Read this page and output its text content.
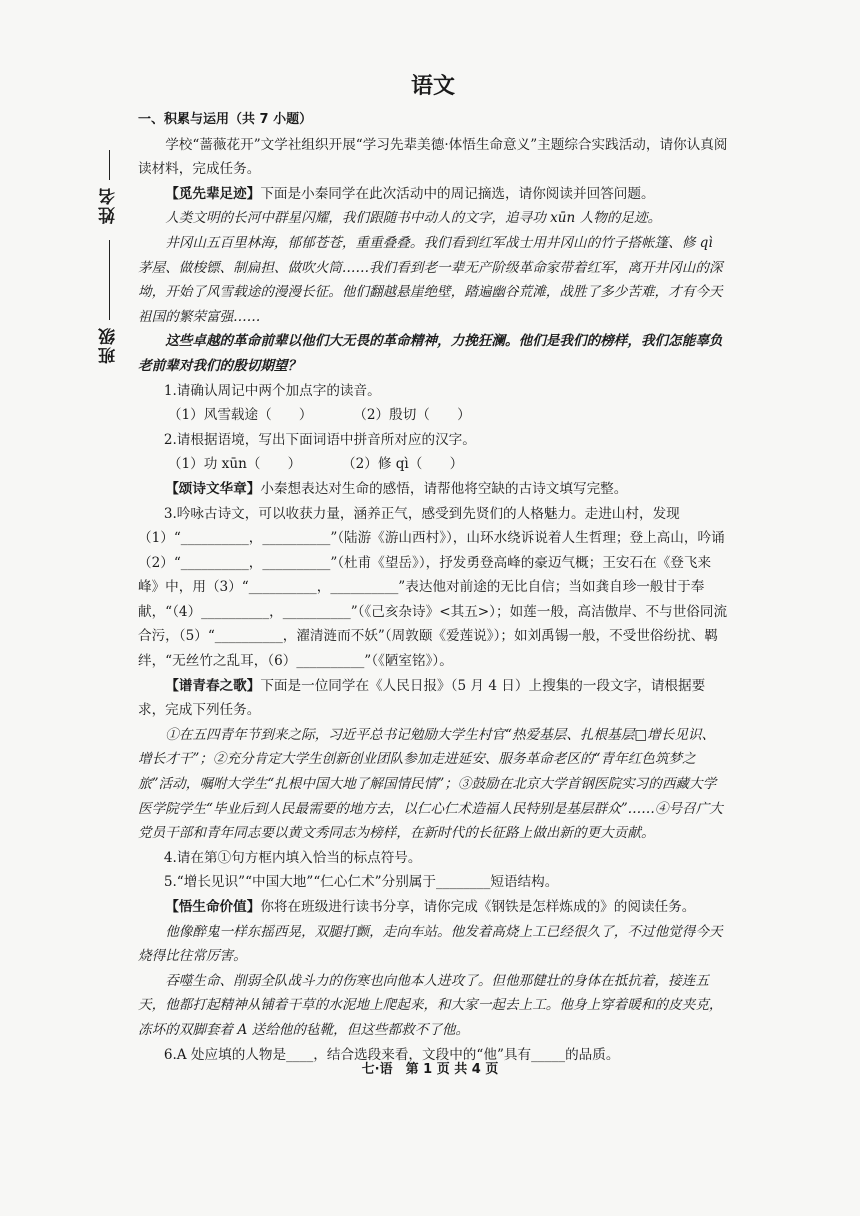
姓名
班级
语文

一、积累与运用（共 7 小题）

学校“蔷薇花开”文学社组织开展“学习先辈美德·体悟生命意义”主题综合实践活动，请你认真阅读材料，完成任务。

【觅先辈足迹】下面是小秦同学在此次活动中的周记摘选，请你阅读并回答问题。

人类文明的长河中群星闪耀，我们跟随书中动人的文字，追寻功 xūn 人物的足迹。

井冈山五百里林海，郁郁苍苍，重重叠叠。我们看到红军战士用井冈山的竹子搭帐篷、修 qì 茅屋、做梭镖、制扁担、做吹火筒……我们看到老一辈无产阶级革命家带着红军，离开井冈山的深坳，开始了风雪载途的漫漫长征。他们翻越悬崖绝壁，踏遍幽谷荒滩，战胜了多少苦难，才有今天祖国的繁荣富强……

这些卓越的革命前辈以他们大无畏的革命精神，力挽狂澜。他们是我们的榜样，我们怎能辜负老前辈对我们的殷切期望？

1.请确认周记中两个加点字的读音。

（1）风雪载途（　　）　　　　（2）殷切（　　）

2.请根据语境，写出下面词语中拼音所对应的汉字。

（1）功 xūn（　　）　　　　（2）修 qì（　　）

【颂诗文华章】小秦想表达对生命的感悟，请帮他将空缺的古诗文填写完整。

3.吟咏古诗文，可以收获力量，涵养正气，感受到先贤们的人格魅力。走进山村，发现（1）“__________，__________”（陆游《游山西村》），山环水绕诉说着人生哲理；登上高山，吟诵（2）“__________，__________”（杜甫《望岳》），抒发勇登高峰的豪迈气概；王安石在《登飞来峰》中，用（3）“__________，__________”表达他对前途的无比自信；当如龚自珍一般甘于奉献，“（4）__________，__________”（《己亥杂诗》<其五>）；如莲一般，高洁傲岸、不与世俗同流合污，（5）“__________，濯清涟而不妖”（周敦颐《爱莲说》）；如刘禹锡一般，不受世俗纷扰、羁绊，“无丝竹之乱耳，（6）__________”（《陋室铭》）。

【谱青春之歌】下面是一位同学在《人民日报》（5 月 4 日）上搜集的一段文字，请根据要求，完成下列任务。

①在五四青年节到来之际，习近平总书记勉励大学生村官“热爱基层、扎根基层□增长见识、增长才干”；②充分肯定大学生创新创业团队参加走进延安、服务革命老区的“青年红色筑梦之旅”活动，嘱咐大学生“扎根中国大地了解国情民情”；③鼓励在北京大学首钢医院实习的西藏大学医学院学生“毕业后到人民最需要的地方去，以仁心仁术造福人民特别是基层群众”……④号召广大党员干部和青年同志要以黄文秀同志为榜样，在新时代的长征路上做出新的更大贡献。

4.请在第①句方框内填入恰当的标点符号。

5.“增长见识”“中国大地”“仁心仁术”分别属于________短语结构。

【悟生命价值】你将在班级进行读书分享，请你完成《钢铁是怎样炼成的》的阅读任务。

他像醉鬼一样东摇西晃，双腿打颤，走向车站。他发着高烧上工已经很久了，不过他觉得今天烧得比往常厉害。

吞噬生命、削弱全队战斗力的伤寒也向他本人进攻了。但他那健壮的身体在抵抗着，接连五天，他都打起精神从铺着干草的水泥地上爬起来，和大家一起去上工。他身上穿着暖和的皮夹克，冻坏的双脚套着 A 送给他的毡靴，但这些都救不了他。

6.A 处应填的人物是____，结合选段来看，文段中的“他”具有_____的品质。

七·语　第 1 页 共 4 页
